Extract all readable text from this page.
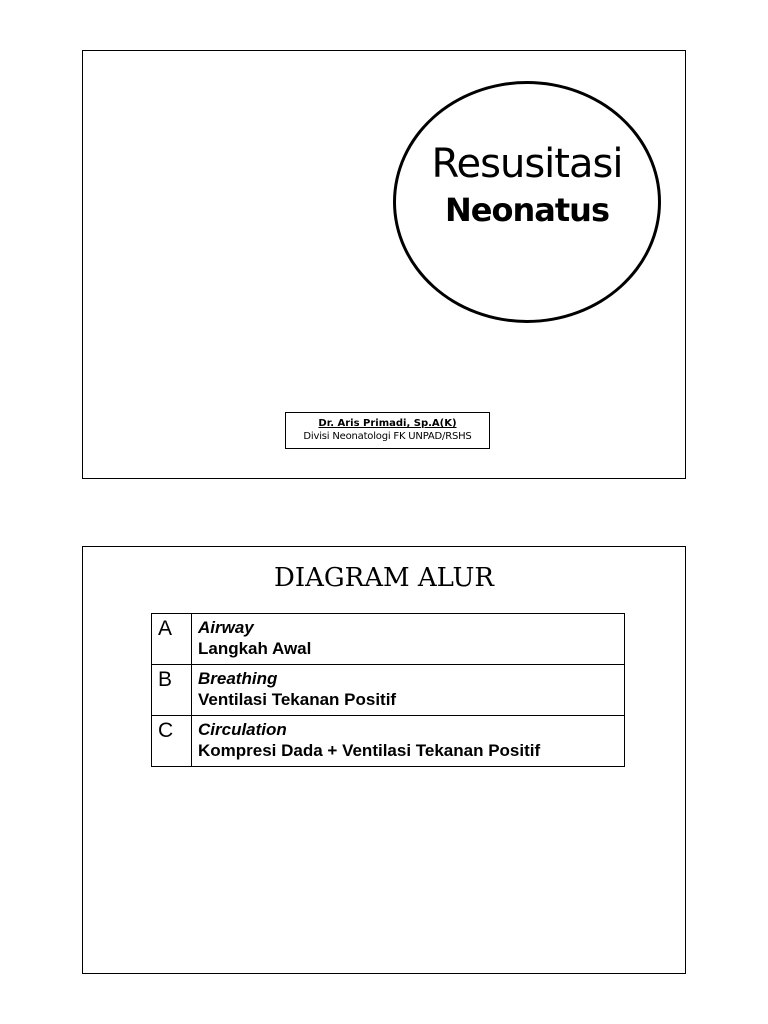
Resusitasi
Neonatus
Dr. Aris Primadi, Sp.A(K)
Divisi Neonatologi FK UNPAD/RSHS
DIAGRAM ALUR
A	Airway
Langkah Awal

B	Breathing
Ventilasi Tekanan Positif

C	Circulation
Kompresi Dada + Ventilasi Tekanan Positif
